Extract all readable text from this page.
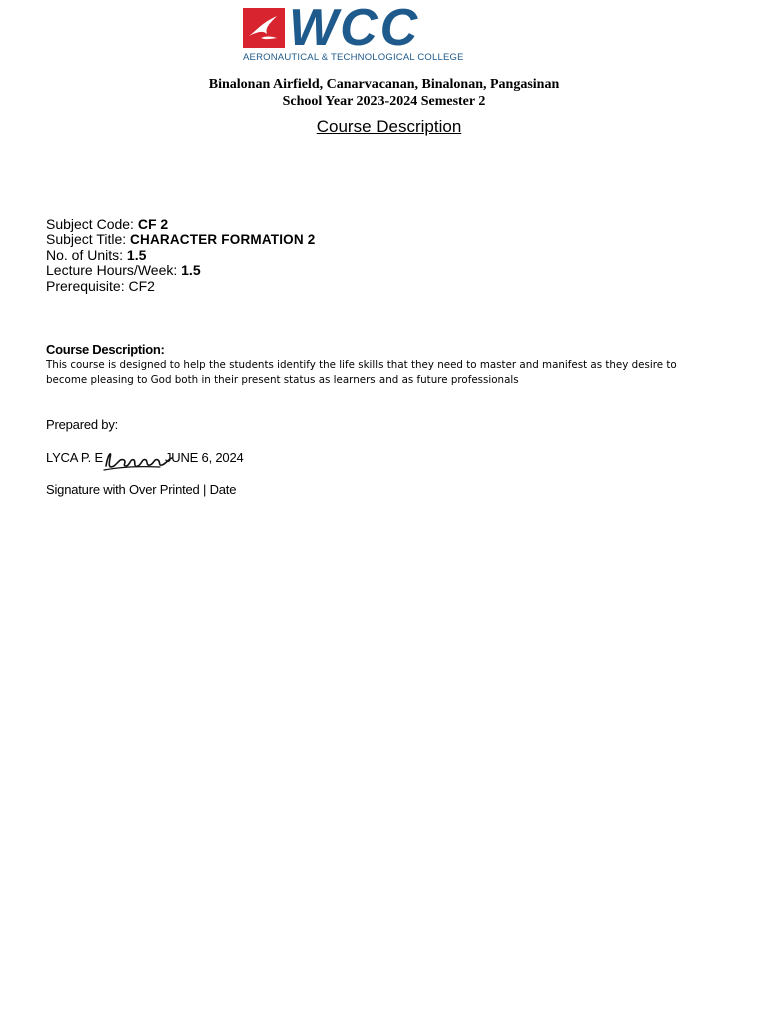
WCC
AERONAUTICAL & TECHNOLOGICAL COLLEGE
Binalonan Airfield, Canarvacanan, Binalonan, Pangasinan
School Year 2023-2024 Semester 2
Course Description
Subject Code: CF 2
Subject Title: CHARACTER FORMATION 2
No. of Units: 1.5
Lecture Hours/Week: 1.5
Prerequisite: CF2
Course Description:
This course is designed to help the students identify the life skills that they need to master and manifest as they desire to become pleasing to God both in their present status as learners and as future professionals
Prepared by:
LYCA P. E	JUNE 6, 2024
Signature with Over Printed | Date
